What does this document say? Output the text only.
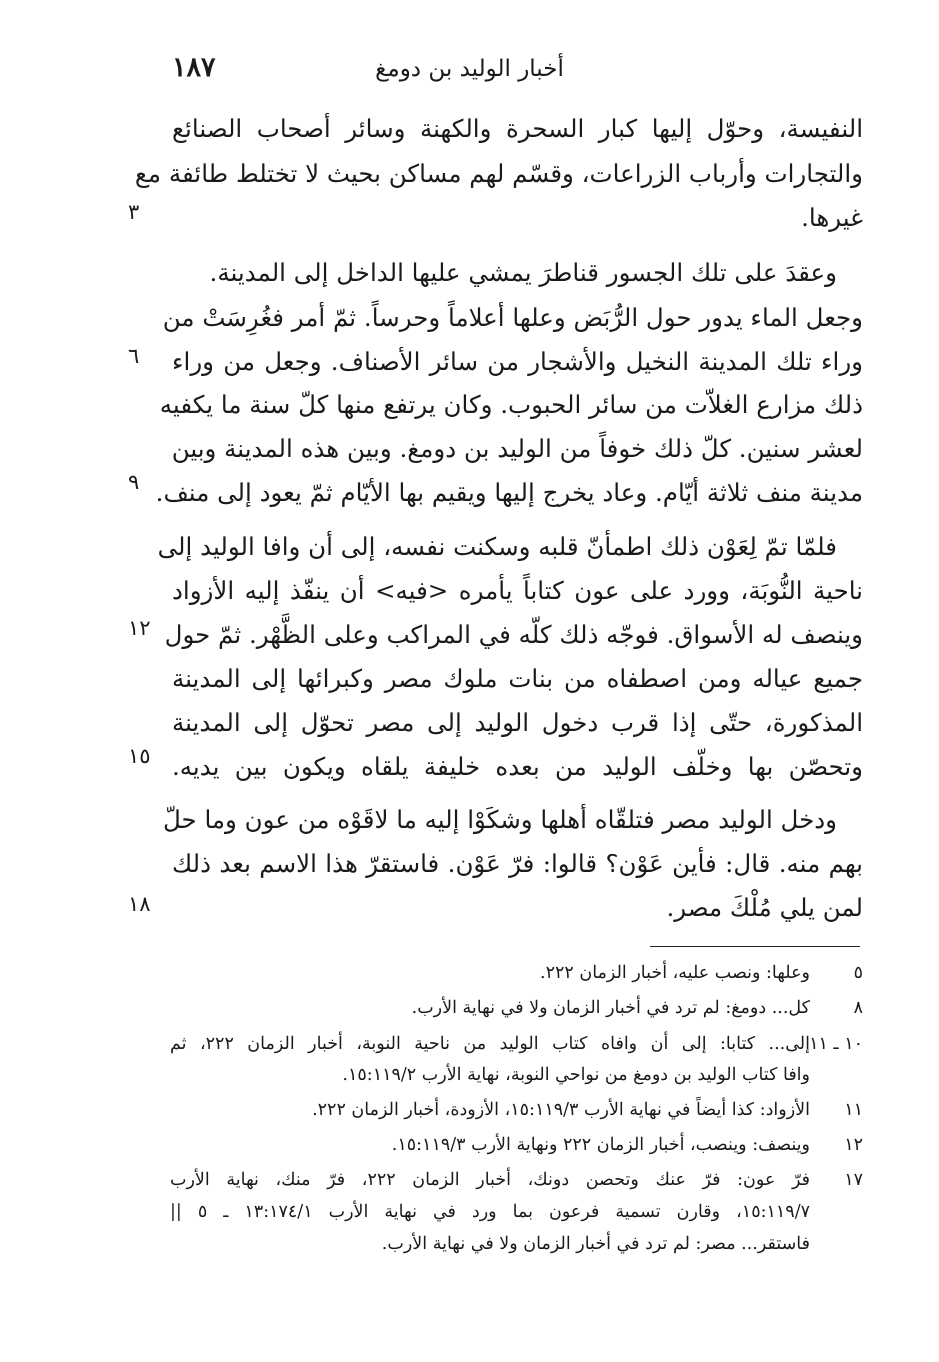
١٨٧	أخبار الوليد بن دومغ
النفيسة، وحوّل إليها كبار السحرة والكهنة وسائر أصحاب الصنائع
والتجارات وأرباب الزراعات، وقسّم لهم مساكن بحيث لا تختلط طائفة مع
غيرها.
وعقدَ على تلك الجسور قناطرَ يمشي عليها الداخل إلى المدينة.
وجعل الماء يدور حول الرُّبَض وعلها أعلاماً وحرساً. ثمّ أمر فغُرِسَتْ من
وراء تلك المدينة النخيل والأشجار من سائر الأصناف. وجعل من وراء
ذلك مزارع الغلاّت من سائر الحبوب. وكان يرتفع منها كلّ سنة ما يكفيه
لعشر سنين. كلّ ذلك خوفاً من الوليد بن دومغ. وبين هذه المدينة وبين
مدينة منف ثلاثة أيّام. وعاد يخرج إليها ويقيم بها الأيّام ثمّ يعود إلى منف.
فلمّا تمّ لِعَوْن ذلك اطمأنّ قلبه وسكنت نفسه، إلى أن وافا الوليد إلى
ناحية النُّوبَة، وورد على عون كتاباً يأمره <فيه> أن ينفّذ إليه الأزواد
وينصف له الأسواق. فوجّه ذلك كلّه في المراكب وعلى الظَّهْر. ثمّ حول
جميع عياله ومن اصطفاه من بنات ملوك مصر وكبرائها إلى المدينة
المذكورة، حتّى إذا قرب دخول الوليد إلى مصر تحوّل إلى المدينة
وتحصّن بها وخلّف الوليد من بعده خليفة يلقاه ويكون بين يديه.
ودخل الوليد مصر فتلقّاه أهلها وشكَوْا إليه ما لاقَوْه من عون وما حلّ
بهم منه. قال: فأين عَوْن؟ قالوا: فرّ عَوْن. فاستقرّ هذا الاسم بعد ذلك
لمن يلي مُلْكَ مصر.
٣
٦
٩
١٢
١٥
١٨
٥
وعلها: ونصب عليه، أخبار الزمان ٢٢٢.
٨
كل... دومغ: لم ترد في أخبار الزمان ولا في نهاية الأرب.
١٠ ـ ١١
إلى... كتابا: إلى أن وافاه كتاب الوليد من ناحية النوبة، أخبار الزمان ٢٢٢، ثم
وافا كتاب الوليد بن دومغ من نواحي النوبة، نهاية الأرب ١٥:١١٩/٢.
١١
الأزواد: كذا أيضاً في نهاية الأرب ١٥:١١٩/٣، الأزودة، أخبار الزمان ٢٢٢.
١٢
وينصف: وينصب، أخبار الزمان ٢٢٢ ونهاية الأرب ١٥:١١٩/٣.
١٧
فرّ عون: فرّ عنك وتحصن دونك، أخبار الزمان ٢٢٢، فرّ منك، نهاية الأرب
١٥:١١٩/٧، وقارن تسمية فرعون بما ورد في نهاية الأرب ١٣:١٧٤/١ ـ ٥ ||
فاستقر... مصر: لم ترد في أخبار الزمان ولا في نهاية الأرب.
